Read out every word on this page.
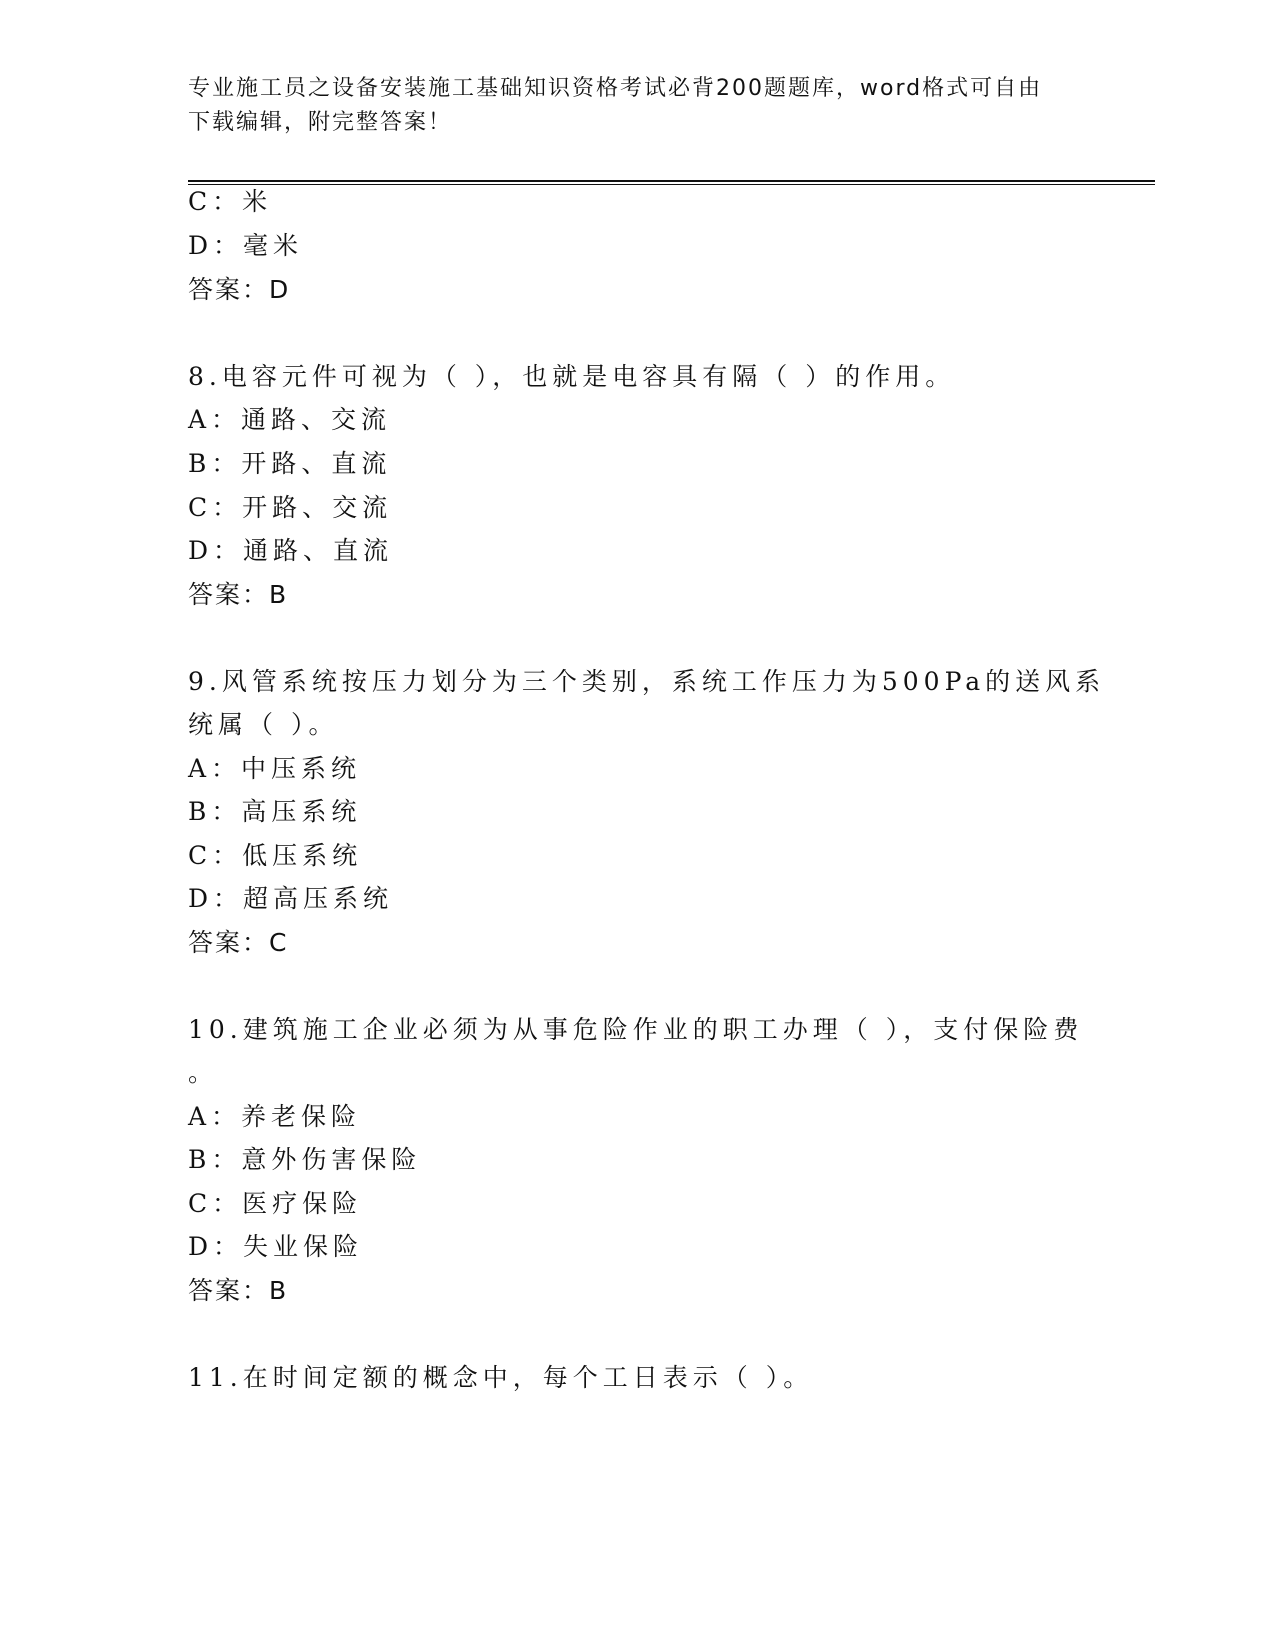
专业施工员之设备安装施工基础知识资格考试必背200题题库，word格式可自由
下载编辑，附完整答案！
C：米
D：毫米
答案：D
8.电容元件可视为（ ），也就是电容具有隔（ ）的作用。
A：通路、交流
B：开路、直流
C：开路、交流
D：通路、直流
答案：B
9.风管系统按压力划分为三个类别，系统工作压力为500Pa的送风系
统属（ ）。
A：中压系统
B：高压系统
C：低压系统
D：超高压系统
答案：C
10.建筑施工企业必须为从事危险作业的职工办理（ ），支付保险费
。
A：养老保险
B：意外伤害保险
C：医疗保险
D：失业保险
答案：B
11.在时间定额的概念中，每个工日表示（ ）。
